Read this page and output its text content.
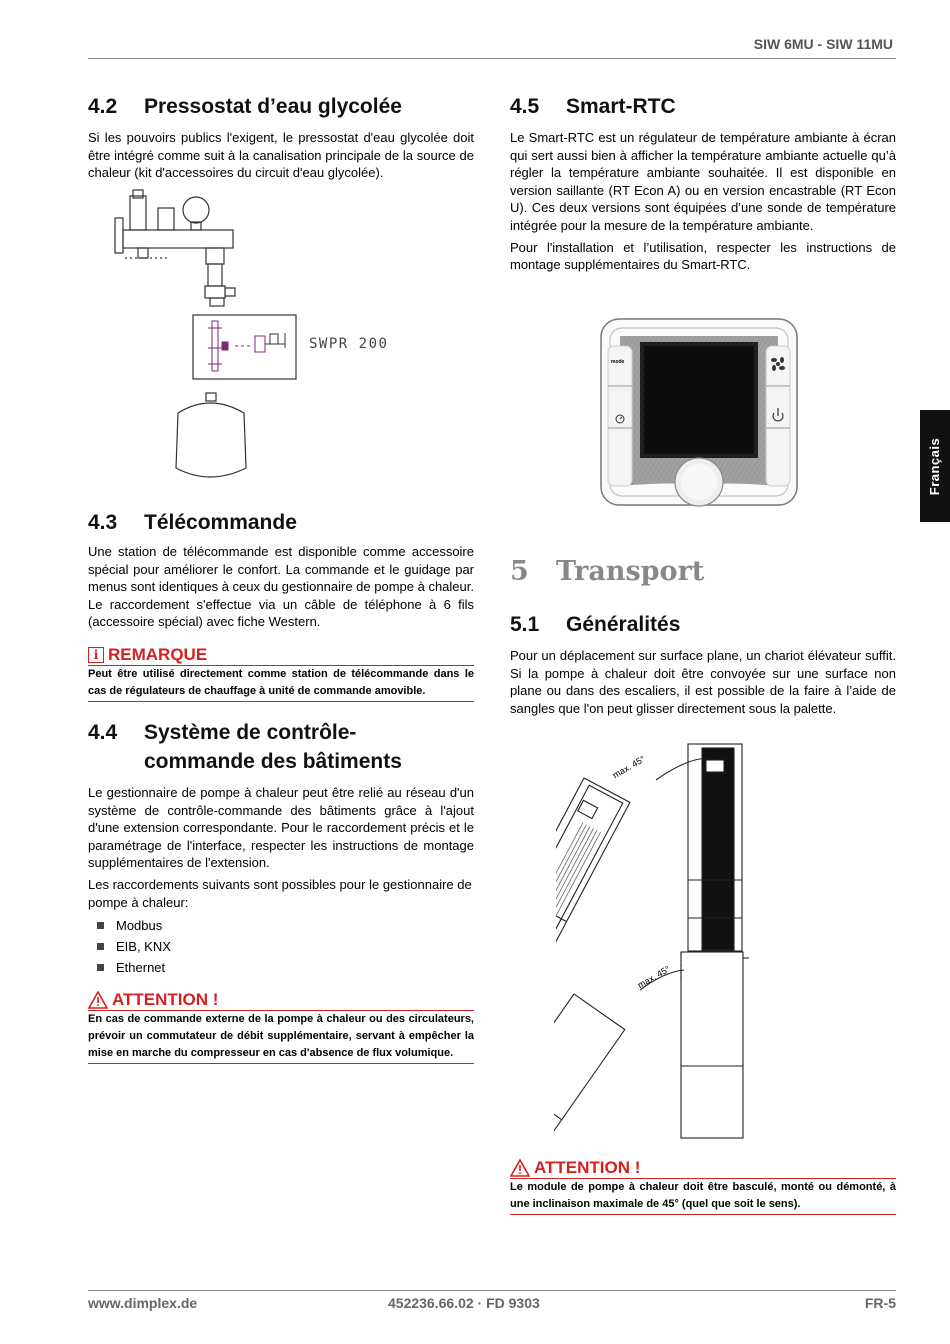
SIW 6MU - SIW 11MU
Français
4.2 Pressostat d’eau glycolée

Si les pouvoirs publics l'exigent, le pressostat d'eau glycolée doit être intégré comme suit à la canalisation principale de la source de chaleur (kit d'accessoires du circuit d'eau glycolée).

SWPR 200
4.3 Télécommande

Une station de télécommande est disponible comme accessoire spécial pour améliorer le confort. La commande et le guidage par menus sont identiques à ceux du gestionnaire de pompe à chaleur. Le raccordement s'effectue via un câble de téléphone à 6 fils (accessoire spécial) avec fiche Western.

i REMARQUE
Peut être utilisé directement comme station de télécommande dans le cas de régulateurs de chauffage à unité de commande amovible.
4.4 Système de contrôle-
commande des bâtiments

Le gestionnaire de pompe à chaleur peut être relié au réseau d'un système de contrôle-commande des bâtiments grâce à l'ajout d'une extension correspondante. Pour le raccordement précis et le paramétrage de l'interface, respecter les instructions de montage supplémentaires de l'extension.

Les raccordements suivants sont possibles pour le gestionnaire de

pompe à chaleur:

Modbus
EIB, KNX
Ethernet
ATTENTION !
En cas de commande externe de la pompe à chaleur ou des circulateurs, prévoir un commutateur de débit supplémentaire, servant à empêcher la mise en marche du compresseur en cas d'absence de flux volumique.
4.5 Smart-RTC

Le Smart-RTC est un régulateur de température ambiante à écran qui sert aussi bien à afficher la température ambiante actuelle qu’à régler la température ambiante souhaitée. Il est disponible en version saillante (RT Econ A) ou en version encastrable (RT Econ U). Ces deux versions sont équipées d’une sonde de température intégrée pour la mesure de la température ambiante.

Pour l'installation et l’utilisation, respecter les instructions de montage supplémentaires du Smart-RTC.

mode
5 Transport
5.1 Généralités

Pour un déplacement sur surface plane, un chariot élévateur suffit. Si la pompe à chaleur doit être convoyée sur une surface non plane ou dans des escaliers, il est possible de la faire à l’aide de sangles que l'on peut glisser directement sous la palette.

max. 45°
max. 45°
ATTENTION !
Le module de pompe à chaleur doit être basculé, monté ou démonté, à une inclinaison maximale de 45° (quel que soit le sens).
www.dimplex.de	452236.66.02 · FD 9303	FR-5
